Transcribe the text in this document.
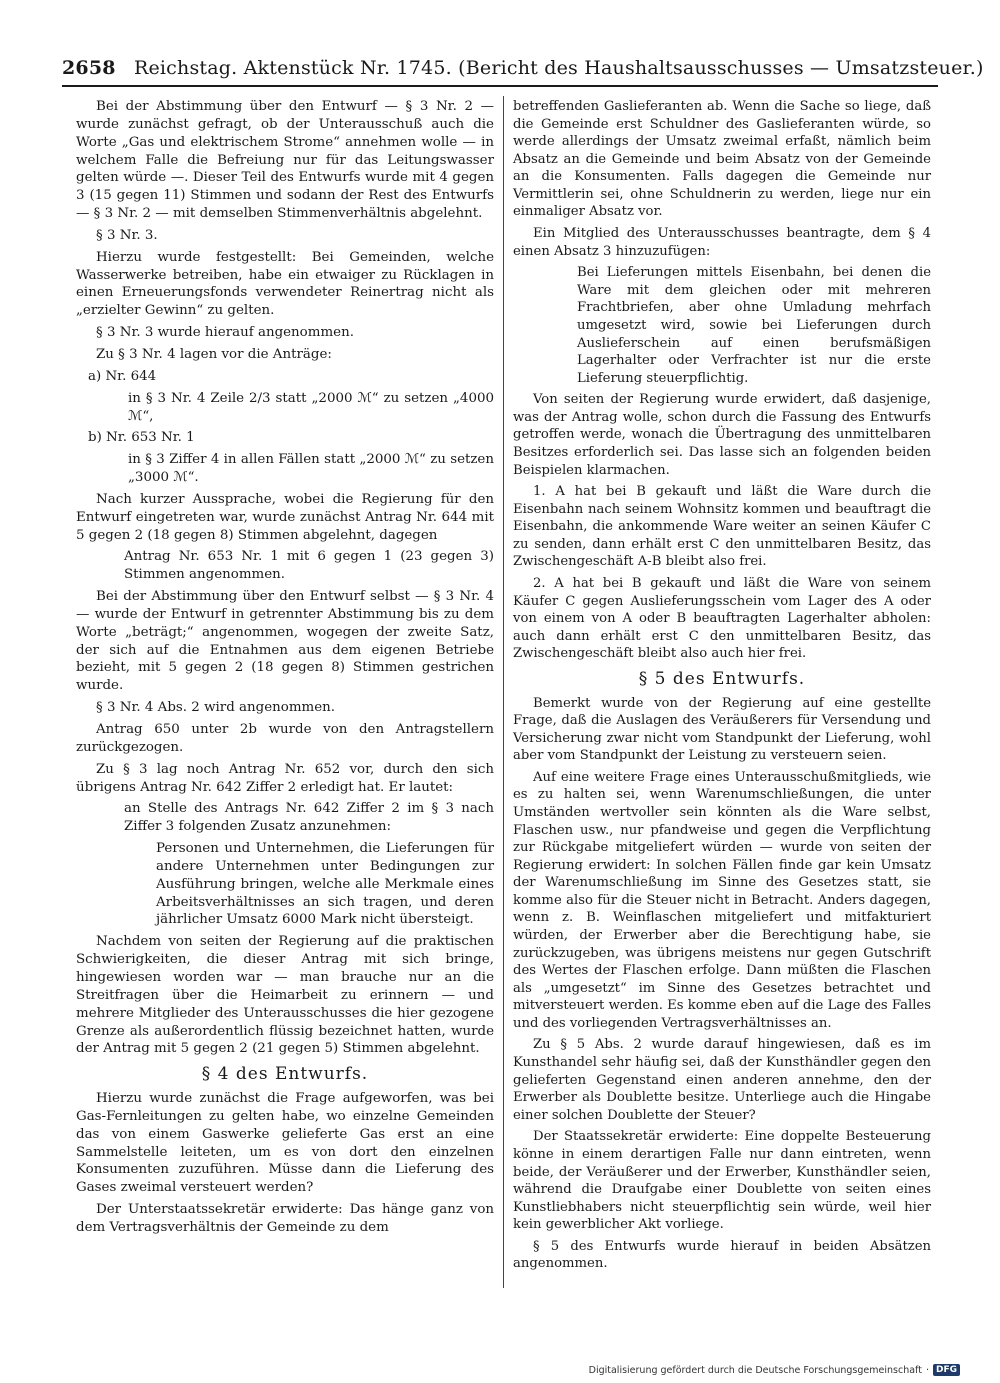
2658 Reichstag. Aktenstück Nr. 1745. (Bericht des Haushaltsausschusses — Umsatzsteuer.)

Bei der Abstimmung über den Entwurf — § 3 Nr. 2 — wurde zunächst gefragt, ob der Unterausschuß auch die Worte „Gas und elektrischem Strome“ annehmen wolle — in welchem Falle die Befreiung nur für das Leitungswasser gelten würde —. Dieser Teil des Entwurfs wurde mit 4 gegen 3 (15 gegen 11) Stimmen und sodann der Rest des Entwurfs — § 3 Nr. 2 — mit demselben Stimmenverhältnis abgelehnt.

§ 3 Nr. 3.

Hierzu wurde festgestellt: Bei Gemeinden, welche Wasserwerke betreiben, habe ein etwaiger zu Rücklagen in einen Erneuerungsfonds verwendeter Reinertrag nicht als „erzielter Gewinn“ zu gelten.

§ 3 Nr. 3 wurde hierauf angenommen.

Zu § 3 Nr. 4 lagen vor die Anträge:

a) Nr. 644

in § 3 Nr. 4 Zeile 2/3 statt „2000 ℳ“ zu setzen „4000 ℳ“,

b) Nr. 653 Nr. 1

in § 3 Ziffer 4 in allen Fällen statt „2000 ℳ“ zu setzen „3000 ℳ“.

Nach kurzer Aussprache, wobei die Regierung für den Entwurf eingetreten war, wurde zunächst Antrag Nr. 644 mit 5 gegen 2 (18 gegen 8) Stimmen abgelehnt, dagegen

Antrag Nr. 653 Nr. 1 mit 6 gegen 1 (23 gegen 3) Stimmen angenommen.

Bei der Abstimmung über den Entwurf selbst — § 3 Nr. 4 — wurde der Entwurf in getrennter Abstimmung bis zu dem Worte „beträgt;“ angenommen, wogegen der zweite Satz, der sich auf die Entnahmen aus dem eigenen Betriebe bezieht, mit 5 gegen 2 (18 gegen 8) Stimmen gestrichen wurde.

§ 3 Nr. 4 Abs. 2 wird angenommen.

Antrag 650 unter 2b wurde von den Antragstellern zurückgezogen.

Zu § 3 lag noch Antrag Nr. 652 vor, durch den sich übrigens Antrag Nr. 642 Ziffer 2 erledigt hat. Er lautet:

an Stelle des Antrags Nr. 642 Ziffer 2 im § 3 nach Ziffer 3 folgenden Zusatz anzunehmen:

Personen und Unternehmen, die Lieferungen für andere Unternehmen unter Bedingungen zur Ausführung bringen, welche alle Merkmale eines Arbeitsverhältnisses an sich tragen, und deren jährlicher Umsatz 6000 Mark nicht übersteigt.

Nachdem von seiten der Regierung auf die praktischen Schwierigkeiten, die dieser Antrag mit sich bringe, hingewiesen worden war — man brauche nur an die Streitfragen über die Heimarbeit zu erinnern — und mehrere Mitglieder des Unterausschusses die hier gezogene Grenze als außerordentlich flüssig bezeichnet hatten, wurde der Antrag mit 5 gegen 2 (21 gegen 5) Stimmen abgelehnt.

§ 4 des Entwurfs.

Hierzu wurde zunächst die Frage aufgeworfen, was bei Gas-Fernleitungen zu gelten habe, wo einzelne Gemeinden das von einem Gaswerke gelieferte Gas erst an eine Sammelstelle leiteten, um es von dort den einzelnen Konsumenten zuzuführen. Müsse dann die Lieferung des Gases zweimal versteuert werden?

Der Unterstaatssekretär erwiderte: Das hänge ganz von dem Vertragsverhältnis der Gemeinde zu dem

betreffenden Gaslieferanten ab. Wenn die Sache so liege, daß die Gemeinde erst Schuldner des Gaslieferanten würde, so werde allerdings der Umsatz zweimal erfaßt, nämlich beim Absatz an die Gemeinde und beim Absatz von der Gemeinde an die Konsumenten. Falls dagegen die Gemeinde nur Vermittlerin sei, ohne Schuldnerin zu werden, liege nur ein einmaliger Absatz vor.

Ein Mitglied des Unterausschusses beantragte, dem § 4 einen Absatz 3 hinzuzufügen:

Bei Lieferungen mittels Eisenbahn, bei denen die Ware mit dem gleichen oder mit mehreren Frachtbriefen, aber ohne Umladung mehrfach umgesetzt wird, sowie bei Lieferungen durch Auslieferschein auf einen berufsmäßigen Lagerhalter oder Verfrachter ist nur die erste Lieferung steuerpflichtig.

Von seiten der Regierung wurde erwidert, daß dasjenige, was der Antrag wolle, schon durch die Fassung des Entwurfs getroffen werde, wonach die Übertragung des unmittelbaren Besitzes erforderlich sei. Das lasse sich an folgenden beiden Beispielen klarmachen.

1. A hat bei B gekauft und läßt die Ware durch die Eisenbahn nach seinem Wohnsitz kommen und beauftragt die Eisenbahn, die ankommende Ware weiter an seinen Käufer C zu senden, dann erhält erst C den unmittelbaren Besitz, das Zwischengeschäft A-B bleibt also frei.

2. A hat bei B gekauft und läßt die Ware von seinem Käufer C gegen Auslieferungsschein vom Lager des A oder von einem von A oder B beauftragten Lagerhalter abholen: auch dann erhält erst C den unmittelbaren Besitz, das Zwischengeschäft bleibt also auch hier frei.

§ 5 des Entwurfs.

Bemerkt wurde von der Regierung auf eine gestellte Frage, daß die Auslagen des Veräußerers für Versendung und Versicherung zwar nicht vom Standpunkt der Lieferung, wohl aber vom Standpunkt der Leistung zu versteuern seien.

Auf eine weitere Frage eines Unterausschußmitglieds, wie es zu halten sei, wenn Warenumschließungen, die unter Umständen wertvoller sein könnten als die Ware selbst, Flaschen usw., nur pfandweise und gegen die Verpflichtung zur Rückgabe mitgeliefert würden — wurde von seiten der Regierung erwidert: In solchen Fällen finde gar kein Umsatz der Warenumschließung im Sinne des Gesetzes statt, sie komme also für die Steuer nicht in Betracht. Anders dagegen, wenn z. B. Weinflaschen mitgeliefert und mitfakturiert würden, der Erwerber aber die Berechtigung habe, sie zurückzugeben, was übrigens meistens nur gegen Gutschrift des Wertes der Flaschen erfolge. Dann müßten die Flaschen als „umgesetzt“ im Sinne des Gesetzes betrachtet und mitversteuert werden. Es komme eben auf die Lage des Falles und des vorliegenden Vertragsverhältnisses an.

Zu § 5 Abs. 2 wurde darauf hingewiesen, daß es im Kunsthandel sehr häufig sei, daß der Kunsthändler gegen den gelieferten Gegenstand einen anderen annehme, den der Erwerber als Doublette besitze. Unterliege auch die Hingabe einer solchen Doublette der Steuer?

Der Staatssekretär erwiderte: Eine doppelte Besteuerung könne in einem derartigen Falle nur dann eintreten, wenn beide, der Veräußerer und der Erwerber, Kunsthändler seien, während die Draufgabe einer Doublette von seiten eines Kunstliebhabers nicht steuerpflichtig sein würde, weil hier kein gewerblicher Akt vorliege.

§ 5 des Entwurfs wurde hierauf in beiden Absätzen angenommen.

Digitalisierung gefördert durch die Deutsche Forschungsgemeinschaft · DFG
